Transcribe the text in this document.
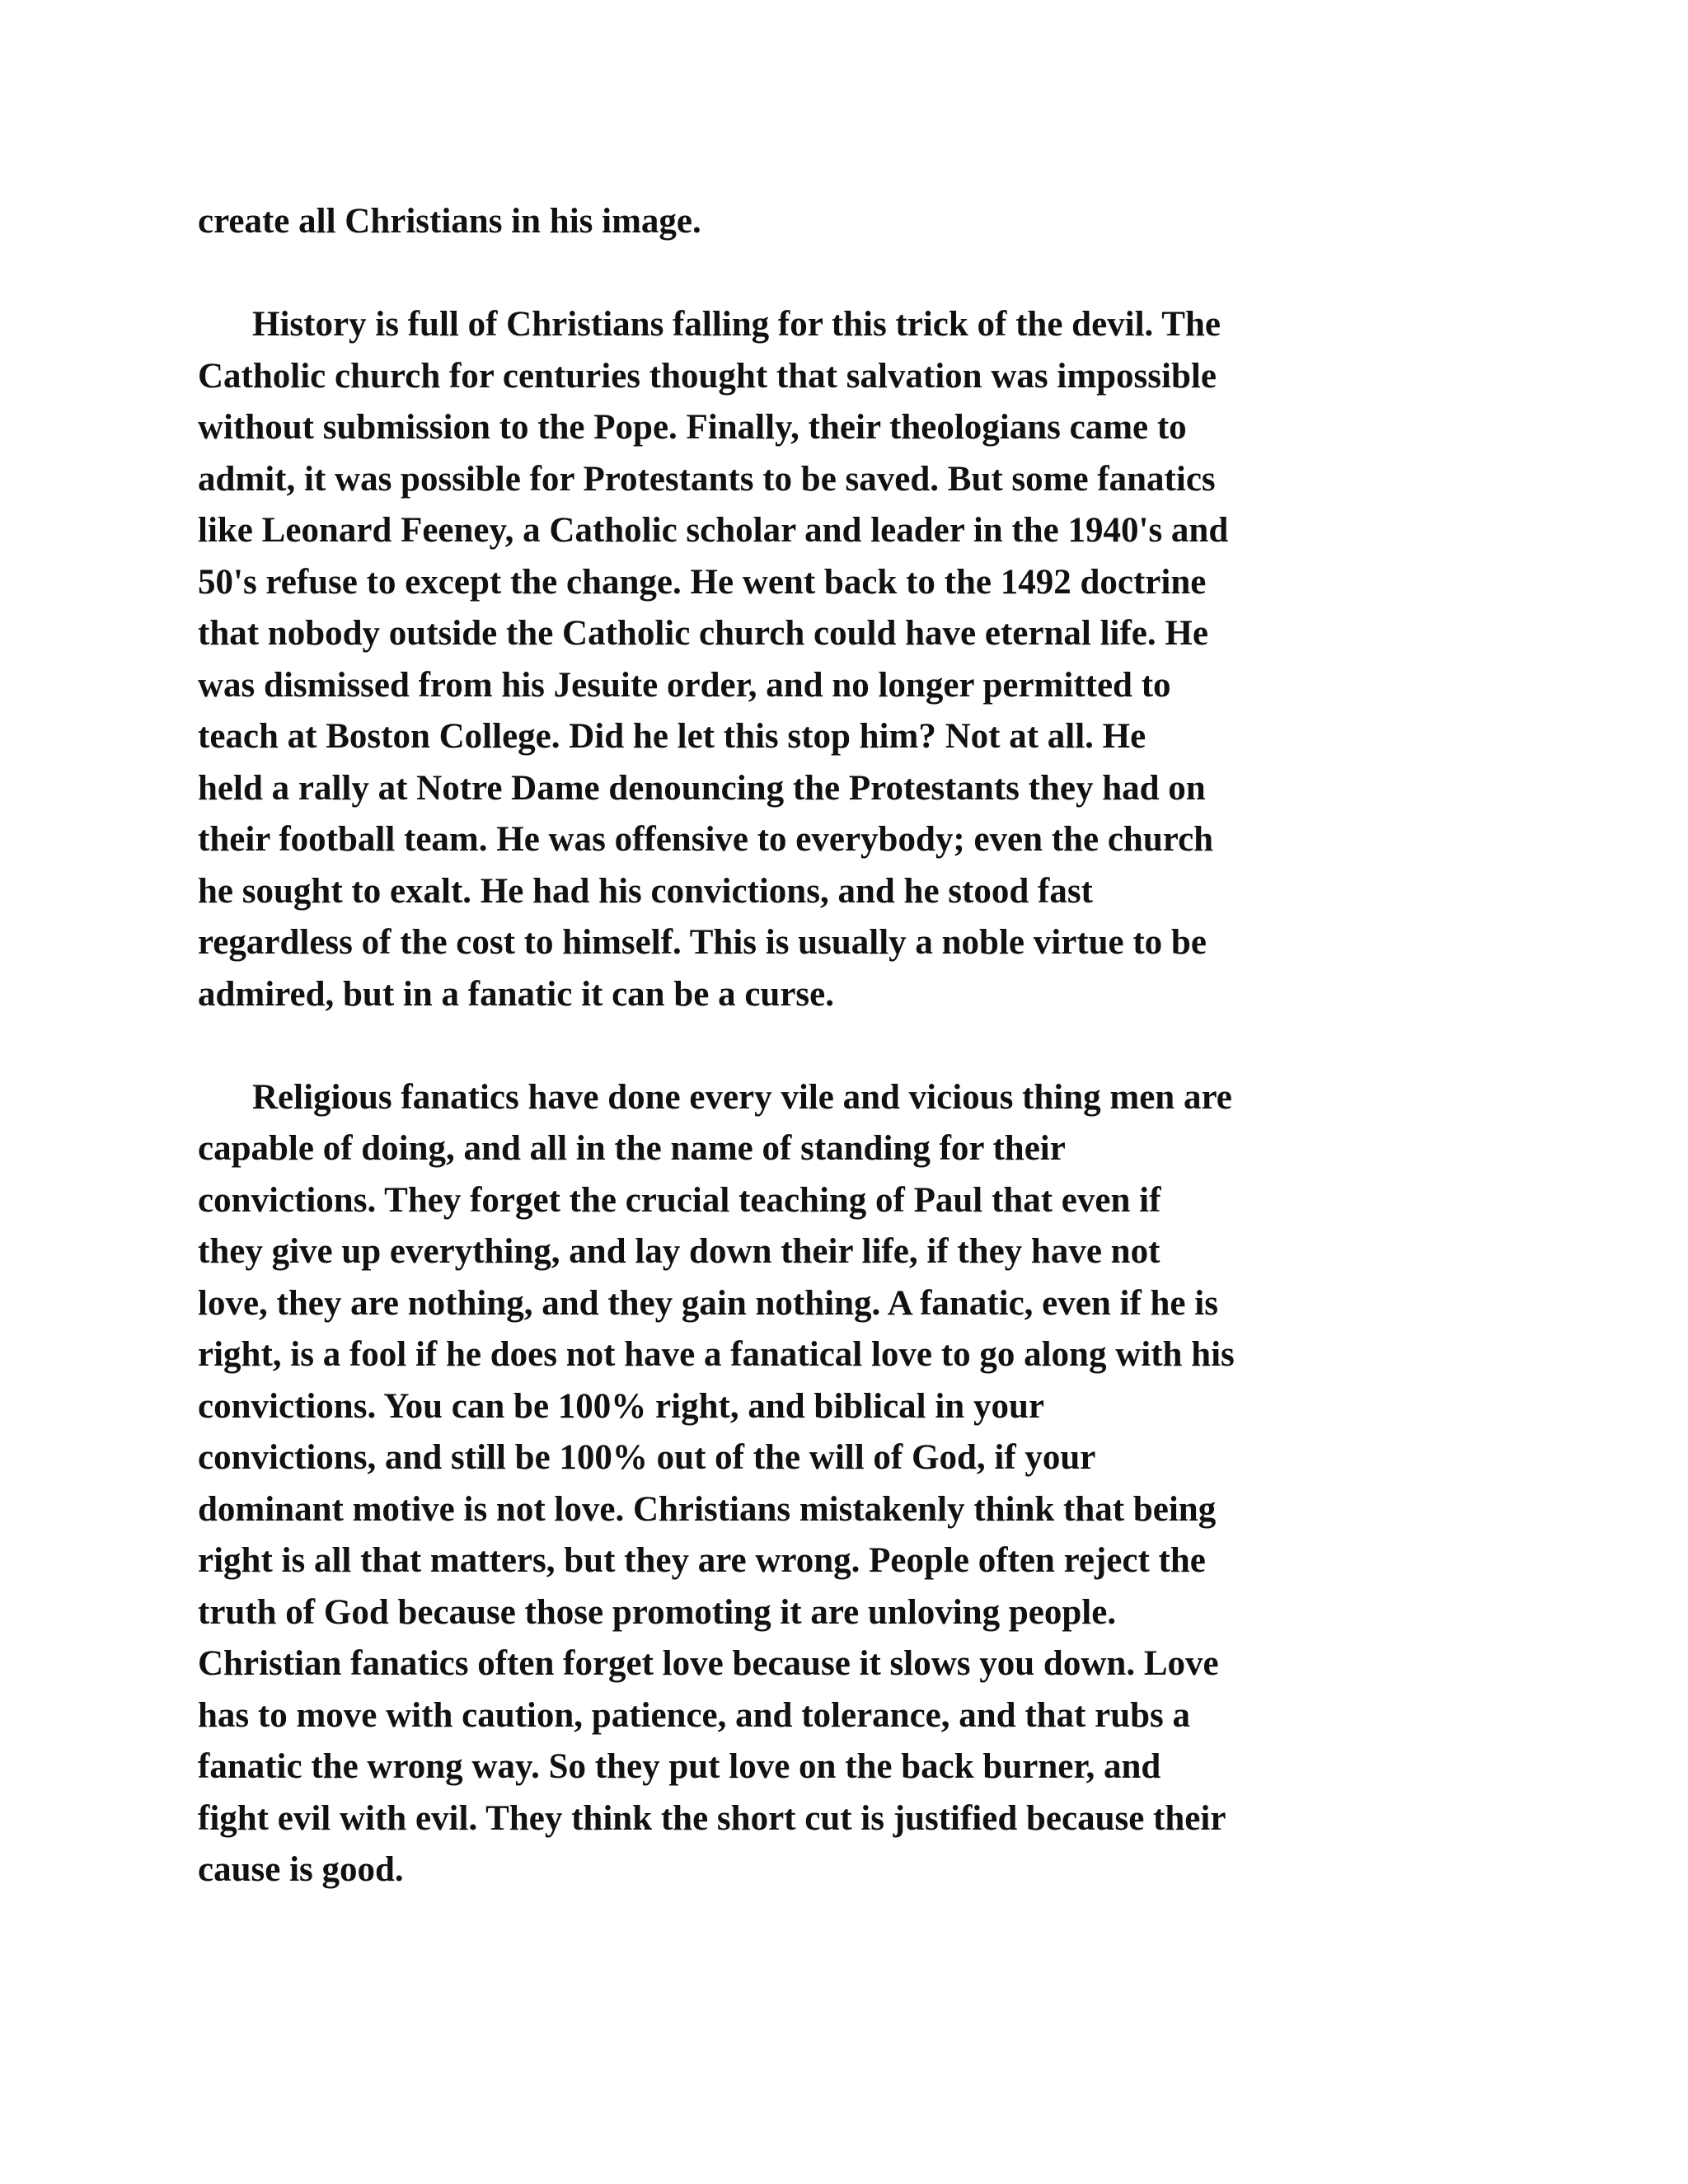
create all Christians in his image.
History is full of Christians falling for this trick of the devil. The
Catholic church for centuries thought that salvation was impossible
without submission to the Pope. Finally, their theologians came to
admit, it was possible for Protestants to be saved. But some fanatics
like Leonard Feeney, a Catholic scholar and leader in the 1940's and
50's refuse to except the change. He went back to the 1492 doctrine
that nobody outside the Catholic church could have eternal life. He
was dismissed from his Jesuite order, and no longer permitted to
teach at Boston College. Did he let this stop him? Not at all. He
held a rally at Notre Dame denouncing the Protestants they had on
their football team. He was offensive to everybody; even the church
he sought to exalt. He had his convictions, and he stood fast
regardless of the cost to himself. This is usually a noble virtue to be
admired, but in a fanatic it can be a curse.
Religious fanatics have done every vile and vicious thing men are
capable of doing, and all in the name of standing for their
convictions. They forget the crucial teaching of Paul that even if
they give up everything, and lay down their life, if they have not
love, they are nothing, and they gain nothing. A fanatic, even if he is
right, is a fool if he does not have a fanatical love to go along with his
convictions. You can be 100% right, and biblical in your
convictions, and still be 100% out of the will of God, if your
dominant motive is not love. Christians mistakenly think that being
right is all that matters, but they are wrong. People often reject the
truth of God because those promoting it are unloving people.
Christian fanatics often forget love because it slows you down. Love
has to move with caution, patience, and tolerance, and that rubs a
fanatic the wrong way. So they put love on the back burner, and
fight evil with evil. They think the short cut is justified because their
cause is good.
